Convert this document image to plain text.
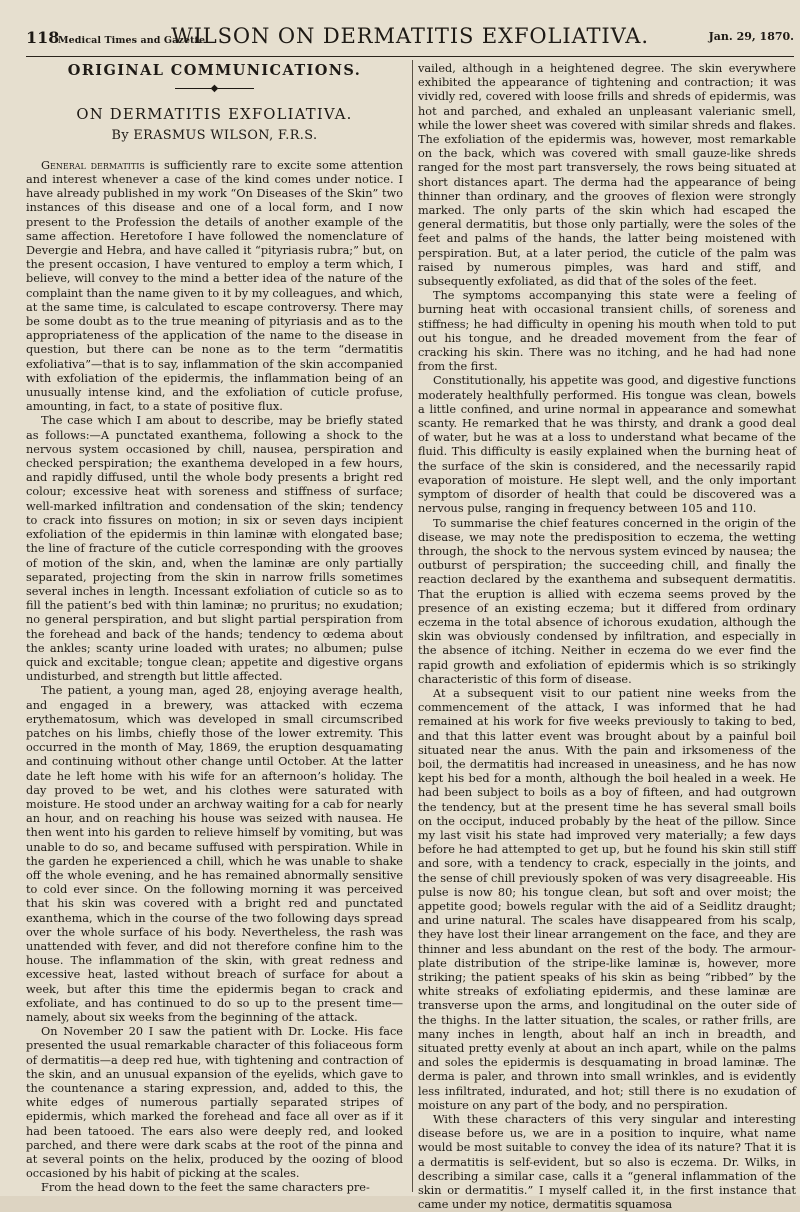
118
Medical Times and Gazette.
WILSON ON DERMATITIS EXFOLIATIVA.	Jan. 29, 1870.
ORIGINAL COMMUNICATIONS.
◆
ON DERMATITIS EXFOLIATIVA.
By ERASMUS WILSON, F.R.S.

General dermatitis is sufficiently rare to excite some attention and interest whenever a case of the kind comes under notice. I have already published in my work “On Diseases of the Skin” two instances of this disease and one of a local form, and I now present to the Profession the details of another example of the same affection. Heretofore I have followed the nomenclature of Devergie and Hebra, and have called it “pityriasis rubra;” but, on the present occasion, I have ventured to employ a term which, I believe, will convey to the mind a better idea of the nature of the complaint than the name given to it by my colleagues, and which, at the same time, is calculated to escape controversy. There may be some doubt as to the true meaning of pityriasis and as to the appropriateness of the application of the name to the disease in question, but there can be none as to the term “dermatitis exfoliativa”—that is to say, inflammation of the skin accompanied with exfoliation of the epidermis, the inflammation being of an unusually intense kind, and the exfoliation of cuticle profuse, amounting, in fact, to a state of positive flux.

The case which I am about to describe, may be briefly stated as follows:—A punctated exanthema, following a shock to the nervous system occasioned by chill, nausea, perspiration and checked perspiration; the exanthema developed in a few hours, and rapidly diffused, until the whole body presents a bright red colour; excessive heat with soreness and stiffness of surface; well-marked infiltration and condensation of the skin; tendency to crack into fissures on motion; in six or seven days incipient exfoliation of the epidermis in thin laminæ with elongated base; the line of fracture of the cuticle corresponding with the grooves of motion of the skin, and, when the laminæ are only partially separated, projecting from the skin in narrow frills sometimes several inches in length. Incessant exfoliation of cuticle so as to fill the patient’s bed with thin laminæ; no pruritus; no exudation; no general perspiration, and but slight partial perspiration from the forehead and back of the hands; tendency to œdema about the ankles; scanty urine loaded with urates; no albumen; pulse quick and excitable; tongue clean; appetite and digestive organs undisturbed, and strength but little affected.

The patient, a young man, aged 28, enjoying average health, and engaged in a brewery, was attacked with eczema erythematosum, which was developed in small circumscribed patches on his limbs, chiefly those of the lower extremity. This occurred in the month of May, 1869, the eruption desquamating and continuing without other change until October. At the latter date he left home with his wife for an afternoon’s holiday. The day proved to be wet, and his clothes were saturated with moisture. He stood under an archway waiting for a cab for nearly an hour, and on reaching his house was seized with nausea. He then went into his garden to relieve himself by vomiting, but was unable to do so, and became suffused with perspiration. While in the garden he experienced a chill, which he was unable to shake off the whole evening, and he has remained abnormally sensitive to cold ever since. On the following morning it was perceived that his skin was covered with a bright red and punctated exanthema, which in the course of the two following days spread over the whole surface of his body. Nevertheless, the rash was unattended with fever, and did not therefore confine him to the house. The inflammation of the skin, with great redness and excessive heat, lasted without breach of surface for about a week, but after this time the epidermis began to crack and exfoliate, and has continued to do so up to the present time—namely, about six weeks from the beginning of the attack.

On November 20 I saw the patient with Dr. Locke. His face presented the usual remarkable character of this foliaceous form of dermatitis—a deep red hue, with tightening and contraction of the skin, and an unusual expansion of the eyelids, which gave to the countenance a staring expression, and, added to this, the white edges of numerous partially separated stripes of epidermis, which marked the forehead and face all over as if it had been tatooed. The ears also were deeply red, and looked parched, and there were dark scabs at the root of the pinna and at several points on the helix, produced by the oozing of blood occasioned by his habit of picking at the scales.

From the head down to the feet the same characters pre-

vailed, although in a heightened degree. The skin everywhere exhibited the appearance of tightening and contraction; it was vividly red, covered with loose frills and shreds of epidermis, was hot and parched, and exhaled an unpleasant valerianic smell, while the lower sheet was covered with similar shreds and flakes. The exfoliation of the epidermis was, however, most remarkable on the back, which was covered with small gauze-like shreds ranged for the most part transversely, the rows being situated at short distances apart. The derma had the appearance of being thinner than ordinary, and the grooves of flexion were strongly marked. The only parts of the skin which had escaped the general dermatitis, but those only partially, were the soles of the feet and palms of the hands, the latter being moistened with perspiration. But, at a later period, the cuticle of the palm was raised by numerous pimples, was hard and stiff, and subsequently exfoliated, as did that of the soles of the feet.

The symptoms accompanying this state were a feeling of burning heat with occasional transient chills, of soreness and stiffness; he had difficulty in opening his mouth when told to put out his tongue, and he dreaded movement from the fear of cracking his skin. There was no itching, and he had had none from the first.

Constitutionally, his appetite was good, and digestive functions moderately healthfully performed. His tongue was clean, bowels a little confined, and urine normal in appearance and somewhat scanty. He remarked that he was thirsty, and drank a good deal of water, but he was at a loss to understand what became of the fluid. This difficulty is easily explained when the burning heat of the surface of the skin is considered, and the necessarily rapid evaporation of moisture. He slept well, and the only important symptom of disorder of health that could be discovered was a nervous pulse, ranging in frequency between 105 and 110.

To summarise the chief features concerned in the origin of the disease, we may note the predisposition to eczema, the wetting through, the shock to the nervous system evinced by nausea; the outburst of perspiration; the succeeding chill, and finally the reaction declared by the exanthema and subsequent dermatitis. That the eruption is allied with eczema seems proved by the presence of an existing eczema; but it differed from ordinary eczema in the total absence of ichorous exudation, although the skin was obviously condensed by infiltration, and especially in the absence of itching. Neither in eczema do we ever find the rapid growth and exfoliation of epidermis which is so strikingly characteristic of this form of disease.

At a subsequent visit to our patient nine weeks from the commencement of the attack, I was informed that he had remained at his work for five weeks previously to taking to bed, and that this latter event was brought about by a painful boil situated near the anus. With the pain and irksomeness of the boil, the dermatitis had increased in uneasiness, and he has now kept his bed for a month, although the boil healed in a week. He had been subject to boils as a boy of fifteen, and had outgrown the tendency, but at the present time he has several small boils on the occiput, induced probably by the heat of the pillow. Since my last visit his state had improved very materially; a few days before he had attempted to get up, but he found his skin still stiff and sore, with a tendency to crack, especially in the joints, and the sense of chill previously spoken of was very disagreeable. His pulse is now 80; his tongue clean, but soft and over moist; the appetite good; bowels regular with the aid of a Seidlitz draught; and urine natural. The scales have disappeared from his scalp, they have lost their linear arrangement on the face, and they are thinner and less abundant on the rest of the body. The armour-plate distribution of the stripe-like laminæ is, however, more striking; the patient speaks of his skin as being “ribbed” by the white streaks of exfoliating epidermis, and these laminæ are transverse upon the arms, and longitudinal on the outer side of the thighs. In the latter situation, the scales, or rather frills, are many inches in length, about half an inch in breadth, and situated pretty evenly at about an inch apart, while on the palms and soles the epidermis is desquamating in broad laminæ. The derma is paler, and thrown into small wrinkles, and is evidently less infiltrated, indurated, and hot; still there is no exudation of moisture on any part of the body, and no perspiration.

With these characters of this very singular and interesting disease before us, we are in a position to inquire, what name would be most suitable to convey the idea of its nature? That it is a dermatitis is self-evident, but so also is eczema. Dr. Wilks, in describing a similar case, calls it a “general inflammation of the skin or dermatitis.” I myself called it, in the first instance that came under my notice, dermatitis squamosa
